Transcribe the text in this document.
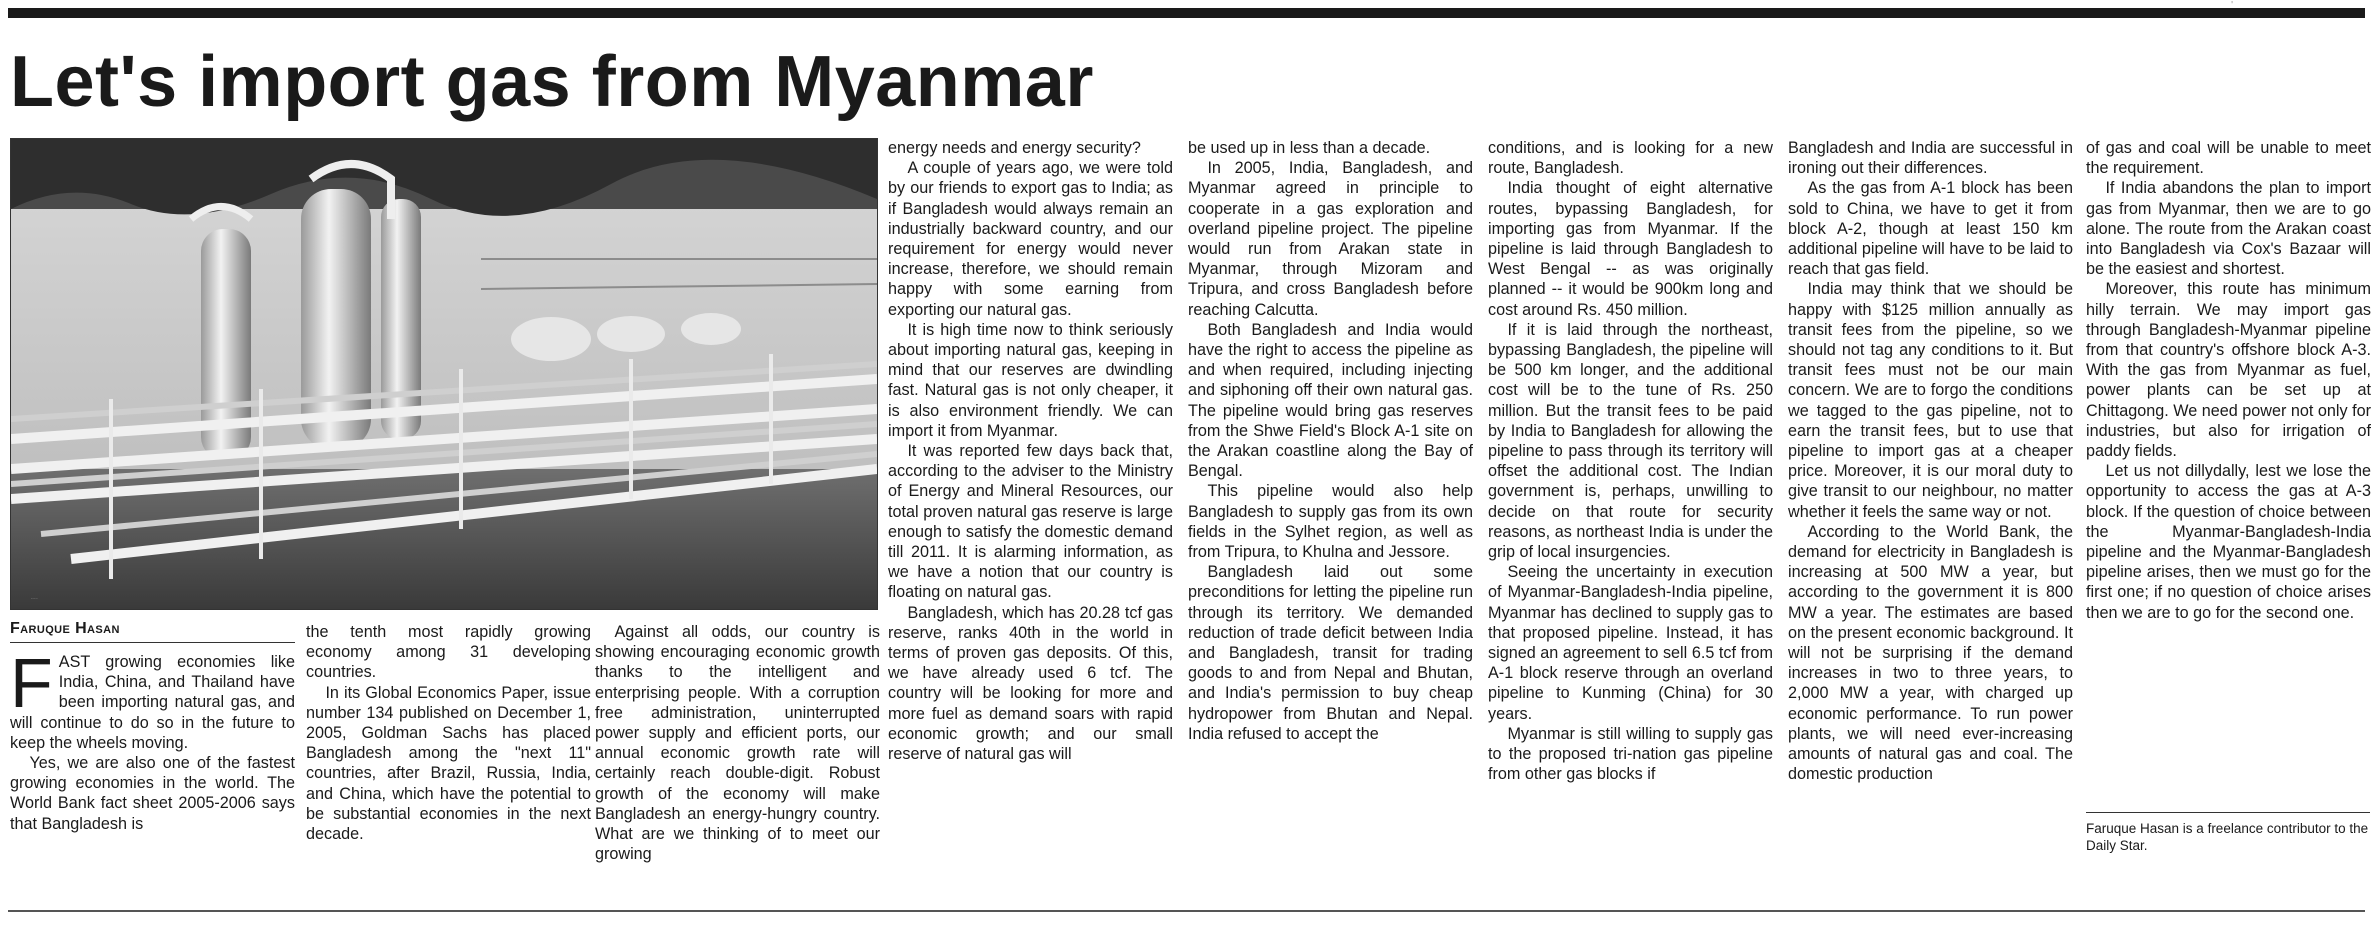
'
Let's import gas from Myanmar
gas plant pipes

energy needs and energy security?

A couple of years ago, we were told by our friends to export gas to India; as if Bangladesh would always remain an industrially backward country, and our requirement for energy would never increase, therefore, we should remain happy with some earning from exporting our natural gas.

It is high time now to think seriously about importing natural gas, keeping in mind that our reserves are dwindling fast. Natural gas is not only cheaper, it is also environment friendly. We can import it from Myanmar.

It was reported few days back that, according to the adviser to the Ministry of Energy and Mineral Resources, our total proven natural gas reserve is large enough to satisfy the domestic demand till 2011. It is alarming information, as we have a notion that our country is floating on natural gas.

Bangladesh, which has 20.28 tcf gas reserve, ranks 40th in the world in terms of proven gas deposits. Of this, we have already used 6 tcf. The country will be looking for more and more fuel as demand soars with rapid economic growth; and our small reserve of natural gas will

be used up in less than a decade.

In 2005, India, Bangladesh, and Myanmar agreed in principle to cooperate in a gas exploration and overland pipeline project. The pipeline would run from Arakan state in Myanmar, through Mizoram and Tripura, and cross Bangladesh before reaching Calcutta.

Both Bangladesh and India would have the right to access the pipeline as and when required, including injecting and siphoning off their own natural gas. The pipeline would bring gas reserves from the Shwe Field's Block A-1 site on the Arakan coastline along the Bay of Bengal.

This pipeline would also help Bangladesh to supply gas from its own fields in the Sylhet region, as well as from Tripura, to Khulna and Jessore.

Bangladesh laid out some preconditions for letting the pipeline run through its territory. We demanded reduction of trade deficit between India and Bangladesh, transit for trading goods to and from Nepal and Bhutan, and India's permission to buy cheap hydropower from Bhutan and Nepal. India refused to accept the

conditions, and is looking for a new route, Bangladesh.

India thought of eight alternative routes, bypassing Bangladesh, for importing gas from Myanmar. If the pipeline is laid through Bangladesh to West Bengal -- as was originally planned -- it would be 900km long and cost around Rs. 450 million.

If it is laid through the northeast, bypassing Bangladesh, the pipeline will be 500 km longer, and the additional cost will be to the tune of Rs. 250 million. But the transit fees to be paid by India to Bangladesh for allowing the pipeline to pass through its territory will offset the additional cost. The Indian government is, perhaps, unwilling to decide on that route for security reasons, as northeast India is under the grip of local insurgencies.

Seeing the uncertainty in execution of Myanmar-Bangladesh-India pipeline, Myanmar has declined to supply gas to that proposed pipeline. Instead, it has signed an agreement to sell 6.5 tcf from A-1 block reserve through an overland pipeline to Kunming (China) for 30 years.

Myanmar is still willing to supply gas to the proposed tri-nation gas pipeline from other gas blocks if

Bangladesh and India are successful in ironing out their differences.

As the gas from A-1 block has been sold to China, we have to get it from block A-2, though at least 150 km additional pipeline will have to be laid to reach that gas field.

India may think that we should be happy with $125 million annually as transit fees from the pipeline, so we should not tag any conditions to it. But transit fees must not be our main concern. We are to forgo the conditions we tagged to the gas pipeline, not to earn the transit fees, but to use that pipeline to import gas at a cheaper price. Moreover, it is our moral duty to give transit to our neighbour, no matter whether it feels the same way or not.

According to the World Bank, the demand for electricity in Bangladesh is increasing at 500 MW a year, but according to the government it is 800 MW a year. The estimates are based on the present economic background. It will not be surprising if the demand increases in two to three years, to 2,000 MW a year, with charged up economic performance. To run power plants, we will need ever-increasing amounts of natural gas and coal. The domestic production

of gas and coal will be unable to meet the requirement.

If India abandons the plan to import gas from Myanmar, then we are to go alone. The route from the Arakan coast into Bangladesh via Cox's Bazaar will be the easiest and shortest.

Moreover, this route has minimum hilly terrain. We may import gas through Bangladesh-Myanmar pipeline from that country's offshore block A-3. With the gas from Myanmar as fuel, power plants can be set up at Chittagong. We need power not only for industries, but also for irrigation of paddy fields.

Let us not dillydally, lest we lose the opportunity to access the gas at A-3 block. If the question of choice between the Myanmar-Bangladesh-India pipeline and the Myanmar-Bangladesh pipeline arises, then we must go for the first one; if no question of choice arises then we are to go for the second one.

Faruque Hasan

FAST growing economies like India, China, and Thailand have been importing natural gas, and will continue to do so in the future to keep the wheels moving.

Yes, we are also one of the fastest growing economies in the world. The World Bank fact sheet 2005-2006 says that Bangladesh is

the tenth most rapidly growing economy among 31 developing countries.

In its Global Economics Paper, issue number 134 published on December 1, 2005, Goldman Sachs has placed Bangladesh among the "next 11" countries, after Brazil, Russia, India, and China, which have the potential to be substantial economies in the next decade.

Against all odds, our country is showing encouraging economic growth thanks to the intelligent and enterprising people. With a corruption free administration, uninterrupted power supply and efficient ports, our annual economic growth rate will certainly reach double-digit. Robust growth of the economy will make Bangladesh an energy-hungry country. What are we thinking of to meet our growing

Faruque Hasan is a freelance contributor to the Daily Star.
